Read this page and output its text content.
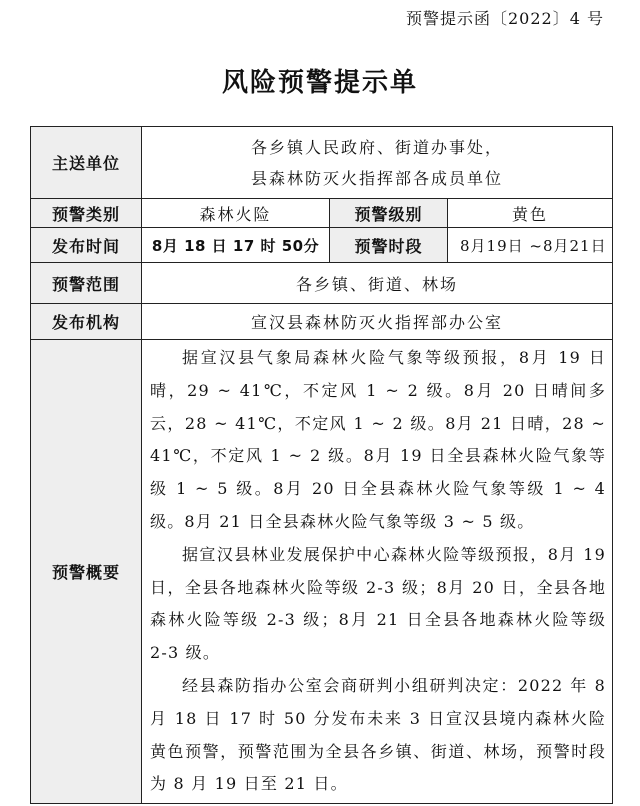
预警提示函〔2022〕4 号
风险预警提示单
主送单位	各乡镇人民政府、街道办事处，
县森林防灭火指挥部各成员单位		

预警类别	森林火险	预警级别	黄色
发布时间	8月 18 日 17 时 50分	预警时段	8月19日 ~8月21日
预警范围	各乡镇、街道、林场		
发布机构	宣汉县森林防灭火指挥部办公室		
预警概要	据宣汉县气象局森林火险气象等级预报，8月 19 日晴，29 ~ 41℃，不定风 1 ~ 2 级。8月 20 日晴间多云，28 ~ 41℃，不定风 1 ~ 2 级。8月 21 日晴，28 ~ 41℃，不定风 1 ~ 2 级。8月 19 日全县森林火险气象等级 1 ~ 5 级。8月 20 日全县森林火险气象等级 1 ~ 4 级。8月 21 日全县森林火险气象等级 3 ~ 5 级。

据宣汉县林业发展保护中心森林火险等级预报，8月 19 日，全县各地森林火险等级 2-3 级；8月 20 日，全县各地森林火险等级 2-3 级；8月 21 日全县各地森林火险等级 2-3 级。

经县森防指办公室会商研判小组研判决定：2022 年 8 月 18 日 17 时 50 分发布未来 3 日宣汉县境内森林火险黄色预警，预警范围为全县各乡镇、街道、林场，预警时段为 8 月 19 日至 21 日。		
